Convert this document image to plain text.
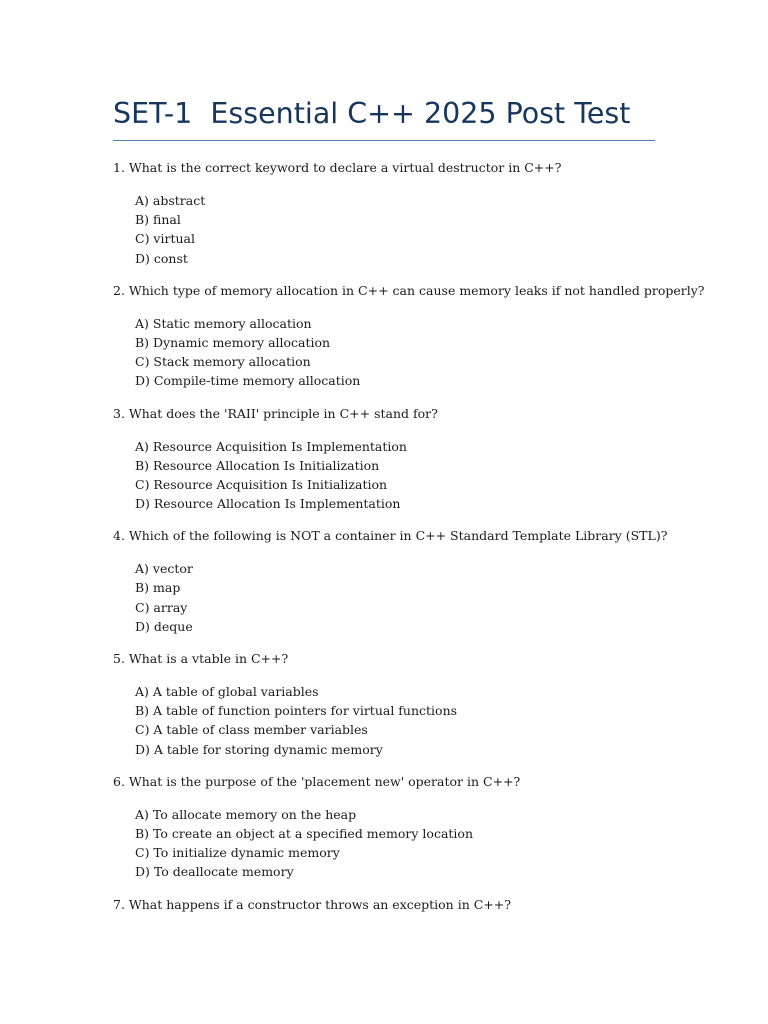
SET-1  Essential C++ 2025 Post Test
1. What is the correct keyword to declare a virtual destructor in C++?
A) abstract
B) final
C) virtual
D) const
2. Which type of memory allocation in C++ can cause memory leaks if not handled properly?
A) Static memory allocation
B) Dynamic memory allocation
C) Stack memory allocation
D) Compile-time memory allocation
3. What does the 'RAII' principle in C++ stand for?
A) Resource Acquisition Is Implementation
B) Resource Allocation Is Initialization
C) Resource Acquisition Is Initialization
D) Resource Allocation Is Implementation
4. Which of the following is NOT a container in C++ Standard Template Library (STL)?
A) vector
B) map
C) array
D) deque
5. What is a vtable in C++?
A) A table of global variables
B) A table of function pointers for virtual functions
C) A table of class member variables
D) A table for storing dynamic memory
6. What is the purpose of the 'placement new' operator in C++?
A) To allocate memory on the heap
B) To create an object at a specified memory location
C) To initialize dynamic memory
D) To deallocate memory
7. What happens if a constructor throws an exception in C++?
